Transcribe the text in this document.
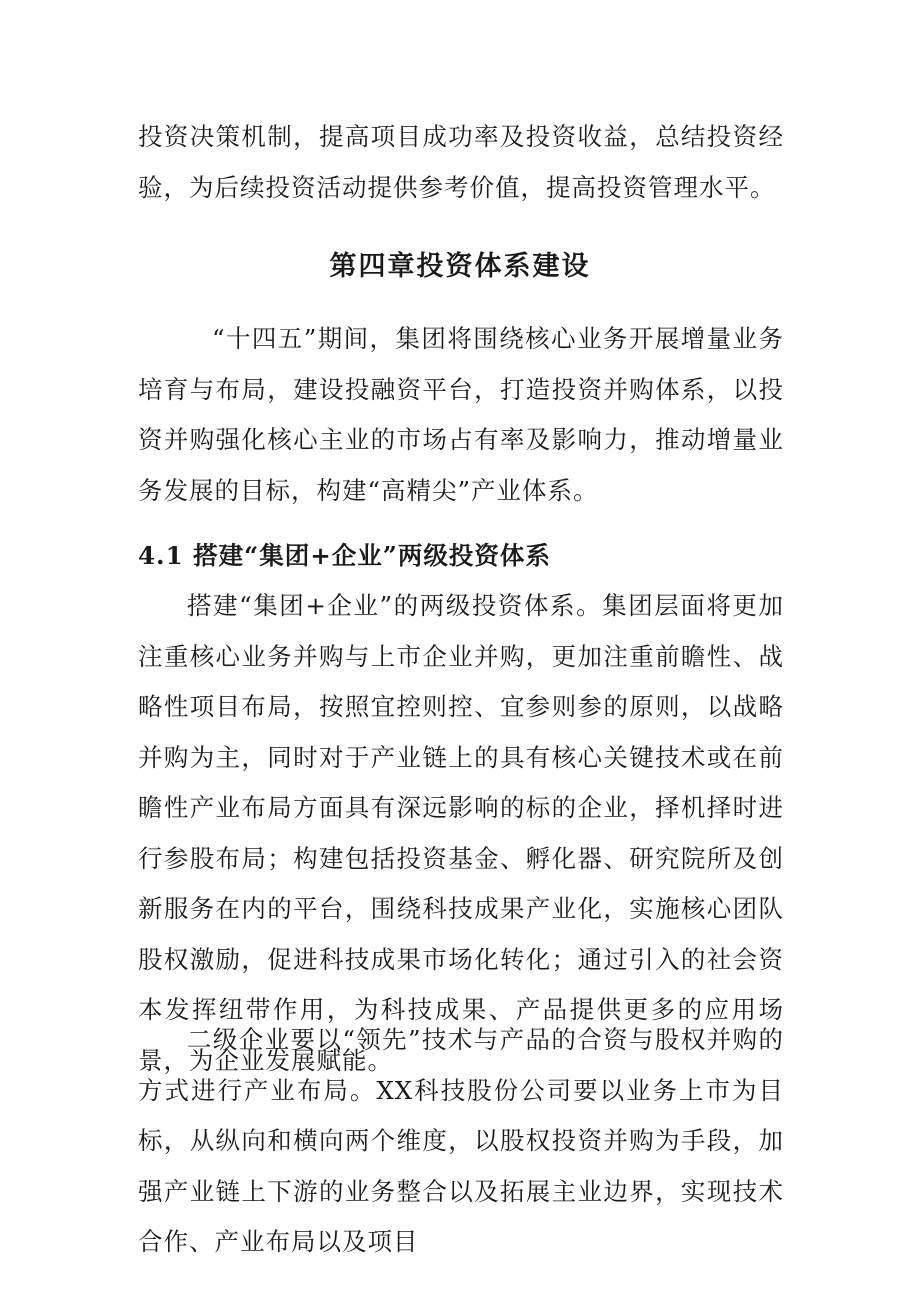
投资决策机制，提高项目成功率及投资收益，总结投资经验，为后续投资活动提供参考价值，提高投资管理水平。

第四章投资体系建设

“十四五”期间，集团将围绕核心业务开展增量业务培育与布局，建设投融资平台，打造投资并购体系，以投资并购强化核心主业的市场占有率及影响力，推动增量业务发展的目标，构建“高精尖”产业体系。

4.1 搭建“集团+企业”两级投资体系

搭建“集团+企业”的两级投资体系。集团层面将更加注重核心业务并购与上市企业并购，更加注重前瞻性、战略性项目布局，按照宜控则控、宜参则参的原则，以战略并购为主，同时对于产业链上的具有核心关键技术或在前瞻性产业布局方面具有深远影响的标的企业，择机择时进行参股布局；构建包括投资基金、孵化器、研究院所及创新服务在内的平台，围绕科技成果产业化，实施核心团队股权激励，促进科技成果市场化转化；通过引入的社会资本发挥纽带作用，为科技成果、产品提供更多的应用场景，为企业发展赋能。

二级企业要以“领先”技术与产品的合资与股权并购的方式进行产业布局。XX科技股份公司要以业务上市为目标，从纵向和横向两个维度，以股权投资并购为手段，加强产业链上下游的业务整合以及拓展主业边界，实现技术合作、产业布局以及项目
